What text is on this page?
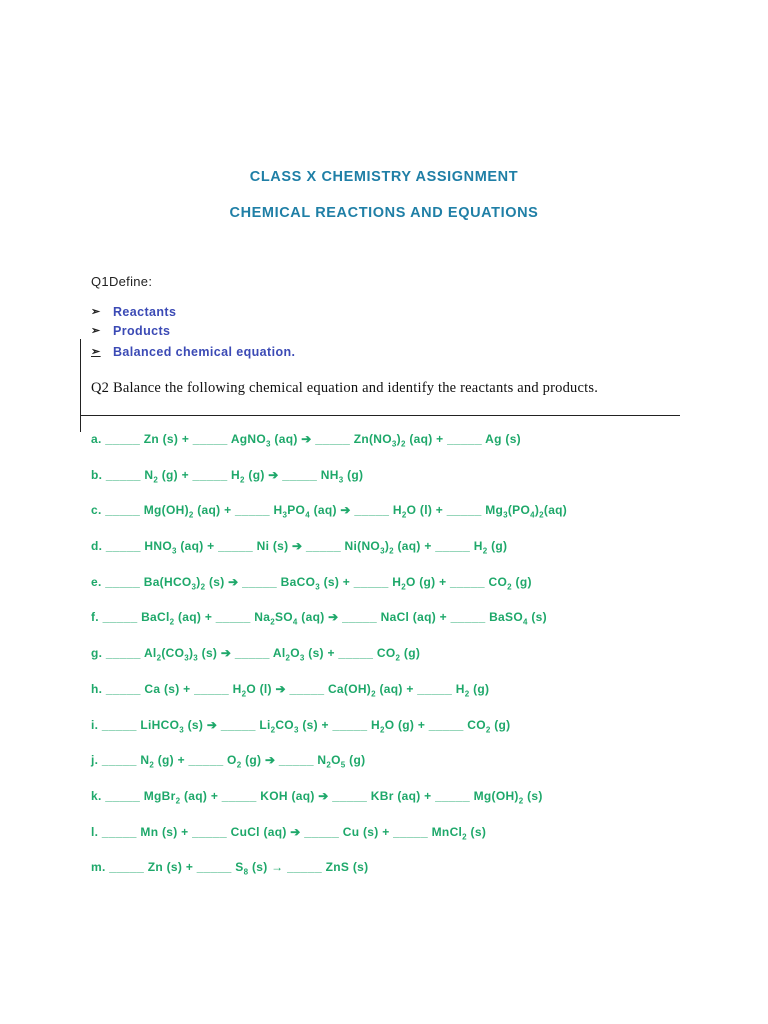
CLASS X CHEMISTRY ASSIGNMENT
CHEMICAL REACTIONS AND EQUATIONS
Q1Define:
➢ Reactants
➢ Products
➢ Balanced chemical equation.
Q2 Balance the following chemical equation and identify the reactants and products.
a. _____ Zn (s) + _____ AgNO$_3$ (aq) ➔ _____ $Zn(NO_3)_2$ (aq) + _____ Ag (s)
b. _____ $N_2$ (g) + _____ $H_2$ (g) ➔ _____ $NH_3$ (g)
c. _____ $Mg(OH)_2$ (aq) + _____ $H_3PO_4$ (aq) ➔ _____ $H_2O$ (l) + _____ $Mg_3(PO_4)_2(aq)$
d. _____ $HNO_3$ (aq) + _____ Ni (s) ➔ _____ $Ni(NO_3)_2$ (aq) + _____ $H_2$ (g)
e. _____ $Ba(HCO_3)_2$ (s) ➔ _____ BaCO$_3$ (s) + _____ $H_2O$ (g) + _____ $CO_2$ (g)
f. _____ BaCl$_2$ (aq) + _____ $Na_2SO_4$ (aq) ➔ _____ NaCl (aq) + _____ BaSO$_4$ (s)
g. _____ $Al_2(CO_3)_3$ (s) ➔ _____ $Al_2O_3$ (s) + _____ $CO_2$ (g)
h. _____ Ca (s) + _____ $H_2O$ (l) ➔ _____ $Ca(OH)_2$ (aq) + _____ $H_2$ (g)
i. _____ LiHCO$_3$ (s) ➔ _____ $Li_2CO_3$ (s) + _____ $H_2O$ (g) + _____ $CO_2$ (g)
j. _____ $N_2$ (g) + _____ $O_2$ (g) ➔ _____ $N_2O_5$ (g)
k. _____ MgBr$_2$ (aq) + _____ KOH (aq) ➔ _____ KBr (aq) + _____ $Mg(OH)_2$ (s)
l. _____ Mn (s) + _____ CuCl (aq) ➔ _____ Cu (s) + _____ MnCl$_2$ (s)
m. _____ Zn (s) + _____ $S_8$ (s) → _____ ZnS (s)
